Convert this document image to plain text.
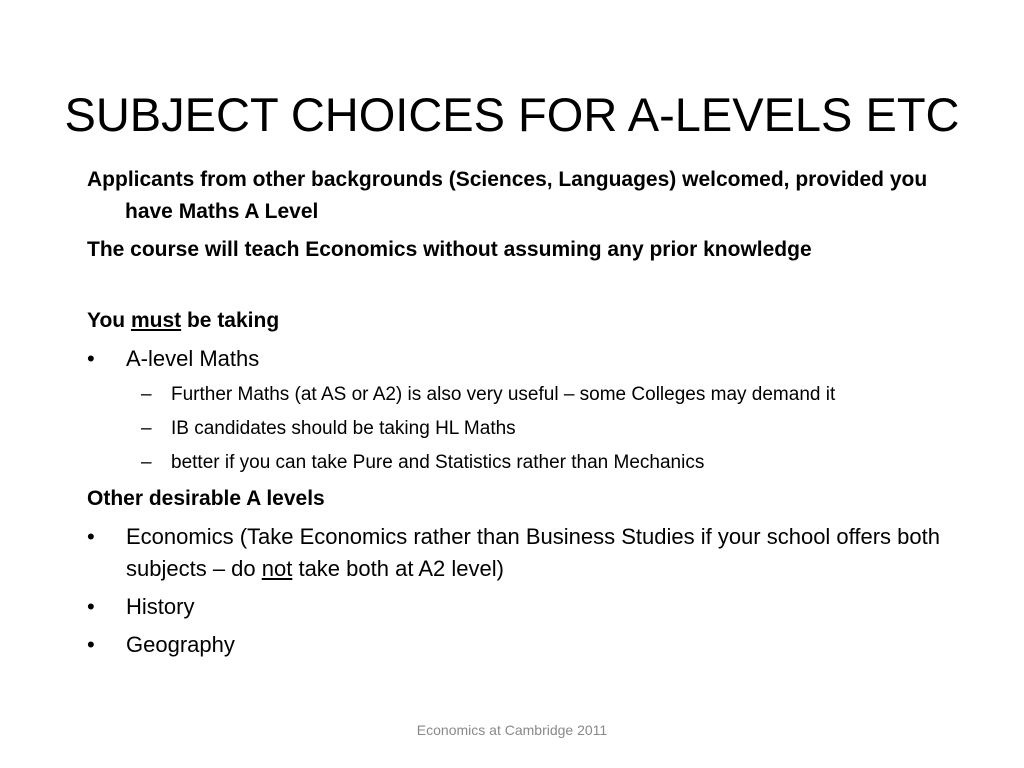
SUBJECT CHOICES FOR A-LEVELS ETC

Applicants from other backgrounds (Sciences, Languages) welcomed, provided you have Maths A Level

The course will teach Economics without assuming any prior knowledge

You must be taking

•	A-level Maths
– Further Maths (at AS or A2) is also very useful – some Colleges may demand it
– IB candidates should be taking HL Maths
– better if you can take Pure and Statistics rather than Mechanics

Other desirable A levels

•	Economics (Take Economics rather than Business Studies if your school offers both subjects – do not take both at A2 level)
•	History
•	Geography
Economics at Cambridge 2011
